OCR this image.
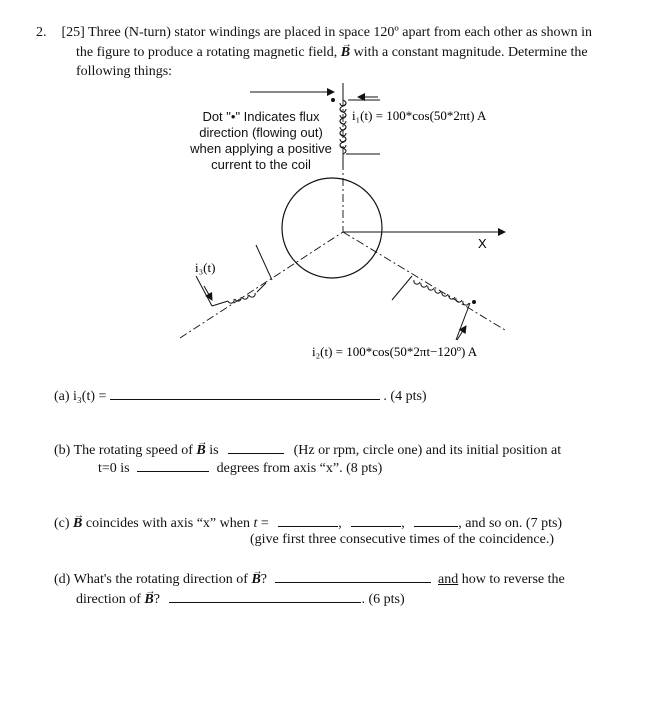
2. [25] Three (N-turn) stator windings are placed in space 120º apart from each other as shown in
the figure to produce a rotating magnetic field, → B with a constant magnitude. Determine the
following things:
X
i₁(t) = 100*cos(50*2πt) A
i₃(t)
i₂(t) = 100*cos(50*2πt−120º) A
Dot "•" Indicates flux
direction (flowing out)
when applying a positive
current to the coil
(a) i₃(t) =	. (4 pts)
(b) The rotating speed of → B is	(Hz or rpm, circle one) and its initial position at
t=0 is	degrees from axis “x”. (8 pts)
(c) → B coincides with axis “x” when t =	,	,	, and so on. (7 pts)
(give first three consecutive times of the coincidence.)
(d) What's the rotating direction of → B?	and how to reverse the
direction of → B?	. (6 pts)
